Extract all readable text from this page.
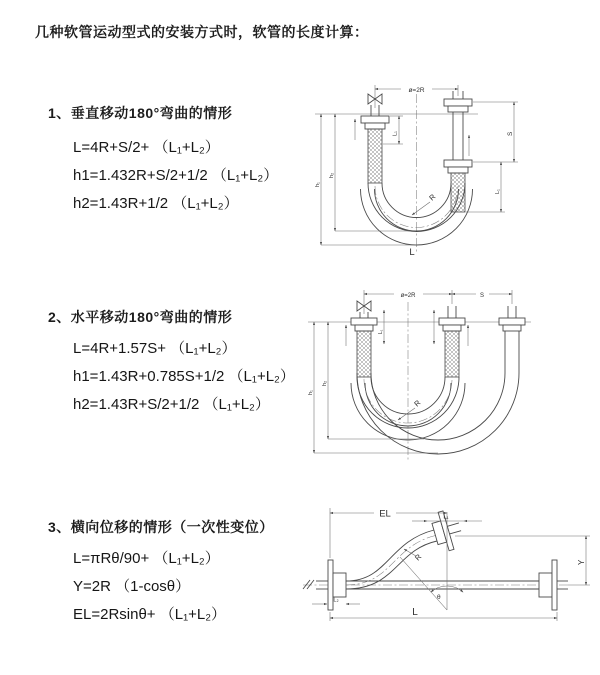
几种软管运动型式的安装方式时，软管的长度计算：
1、垂直移动180°弯曲的情形
L=4R+S/2+ （L₁+L₂）
h1=1.432R+S/2+1/2 （L₁+L₂）
h2=1.43R+1/2 （L₁+L₂）
2、水平移动180°弯曲的情形
L=4R+1.57S+ （L₁+L₂）
h1=1.43R+0.785S+1/2 （L₁+L₂）
h2=1.43R+S/2+1/2 （L₁+L₂）
3、横向位移的情形（一次性变位）
L=πRθ/90+ （L₁+L₂）
Y=2R （1-cosθ）
EL=2Rsinθ+ （L₁+L₂）
ø=2R
L₁	S
L₁
h₁
h₂
R
L
ø=2R	S
h₁
h₂
L₁
R
EL	L₁
Y
θ
R
L₂
L
